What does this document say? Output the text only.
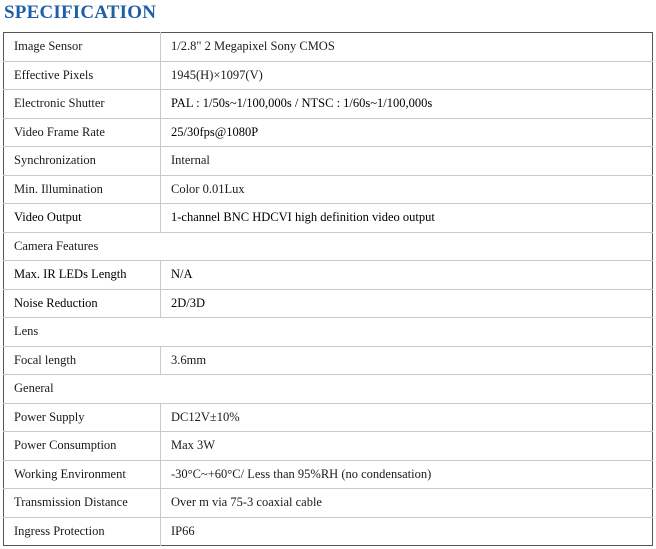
SPECIFICATION
Image Sensor	1/2.8" 2 Megapixel Sony CMOS
Effective Pixels	1945(H)×1097(V)
Electronic Shutter	PAL : 1/50s~1/100,000s / NTSC : 1/60s~1/100,000s
Video Frame Rate	25/30fps@1080P
Synchronization	Internal
Min. Illumination	Color 0.01Lux
Video Output	1-channel BNC HDCVI high definition video output
Camera Features	
Max. IR LEDs Length	N/A
Noise Reduction	2D/3D
Lens	
Focal length	3.6mm
General	
Power Supply	DC12V±10%
Power Consumption	Max 3W
Working Environment	-30°C~+60°C/ Less than 95%RH (no condensation)
Transmission Distance	Over m via 75-3 coaxial cable
Ingress Protection	IP66
